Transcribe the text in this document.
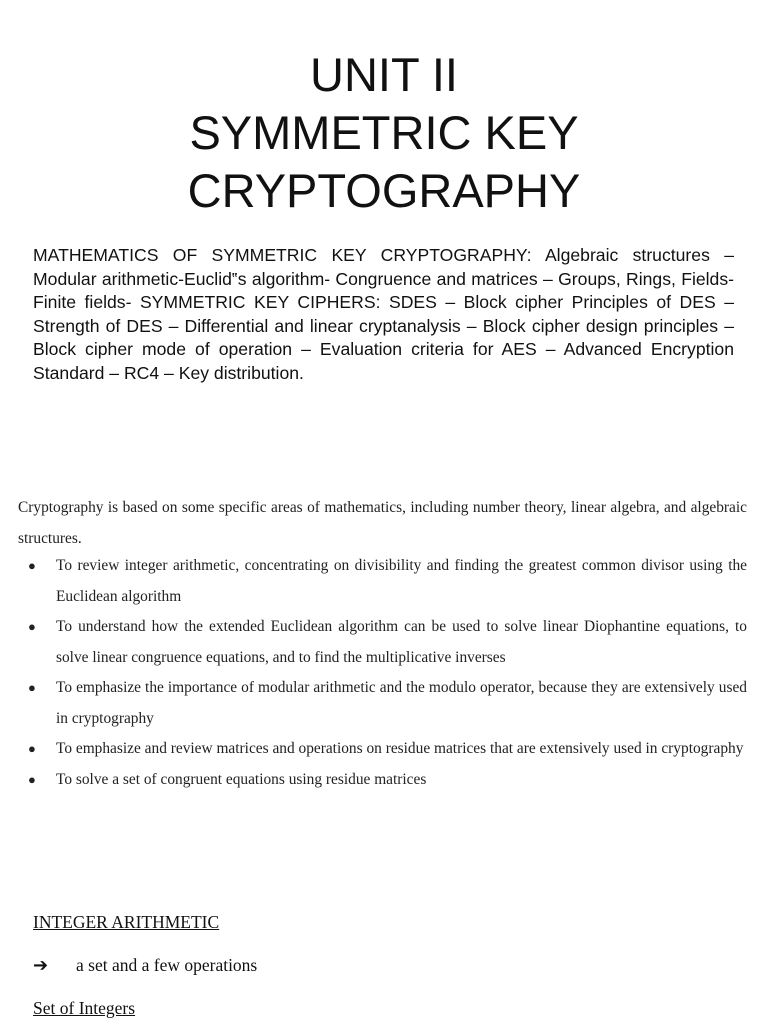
UNIT II
SYMMETRIC KEY
CRYPTOGRAPHY

MATHEMATICS OF SYMMETRIC KEY CRYPTOGRAPHY: Algebraic structures – Modular arithmetic-Euclid‟s algorithm- Congruence and matrices – Groups, Rings, Fields- Finite fields- SYMMETRIC KEY CIPHERS: SDES – Block cipher Principles of DES – Strength of DES – Differential and linear cryptanalysis – Block cipher design principles – Block cipher mode of operation – Evaluation criteria for AES – Advanced Encryption Standard – RC4 – Key distribution.

Cryptography is based on some specific areas of mathematics, including number theory, linear algebra, and algebraic structures.

● To review integer arithmetic, concentrating on divisibility and finding the greatest common divisor using the Euclidean algorithm
● To understand how the extended Euclidean algorithm can be used to solve linear Diophantine equations, to solve linear congruence equations, and to find the multiplicative inverses
● To emphasize the importance of modular arithmetic and the modulo operator, because they are extensively used in cryptography
● To emphasize and review matrices and operations on residue matrices that are extensively used in cryptography
● To solve a set of congruent equations using residue matrices
INTEGER ARITHMETIC
➔ a set and a few operations
Set of Integers
